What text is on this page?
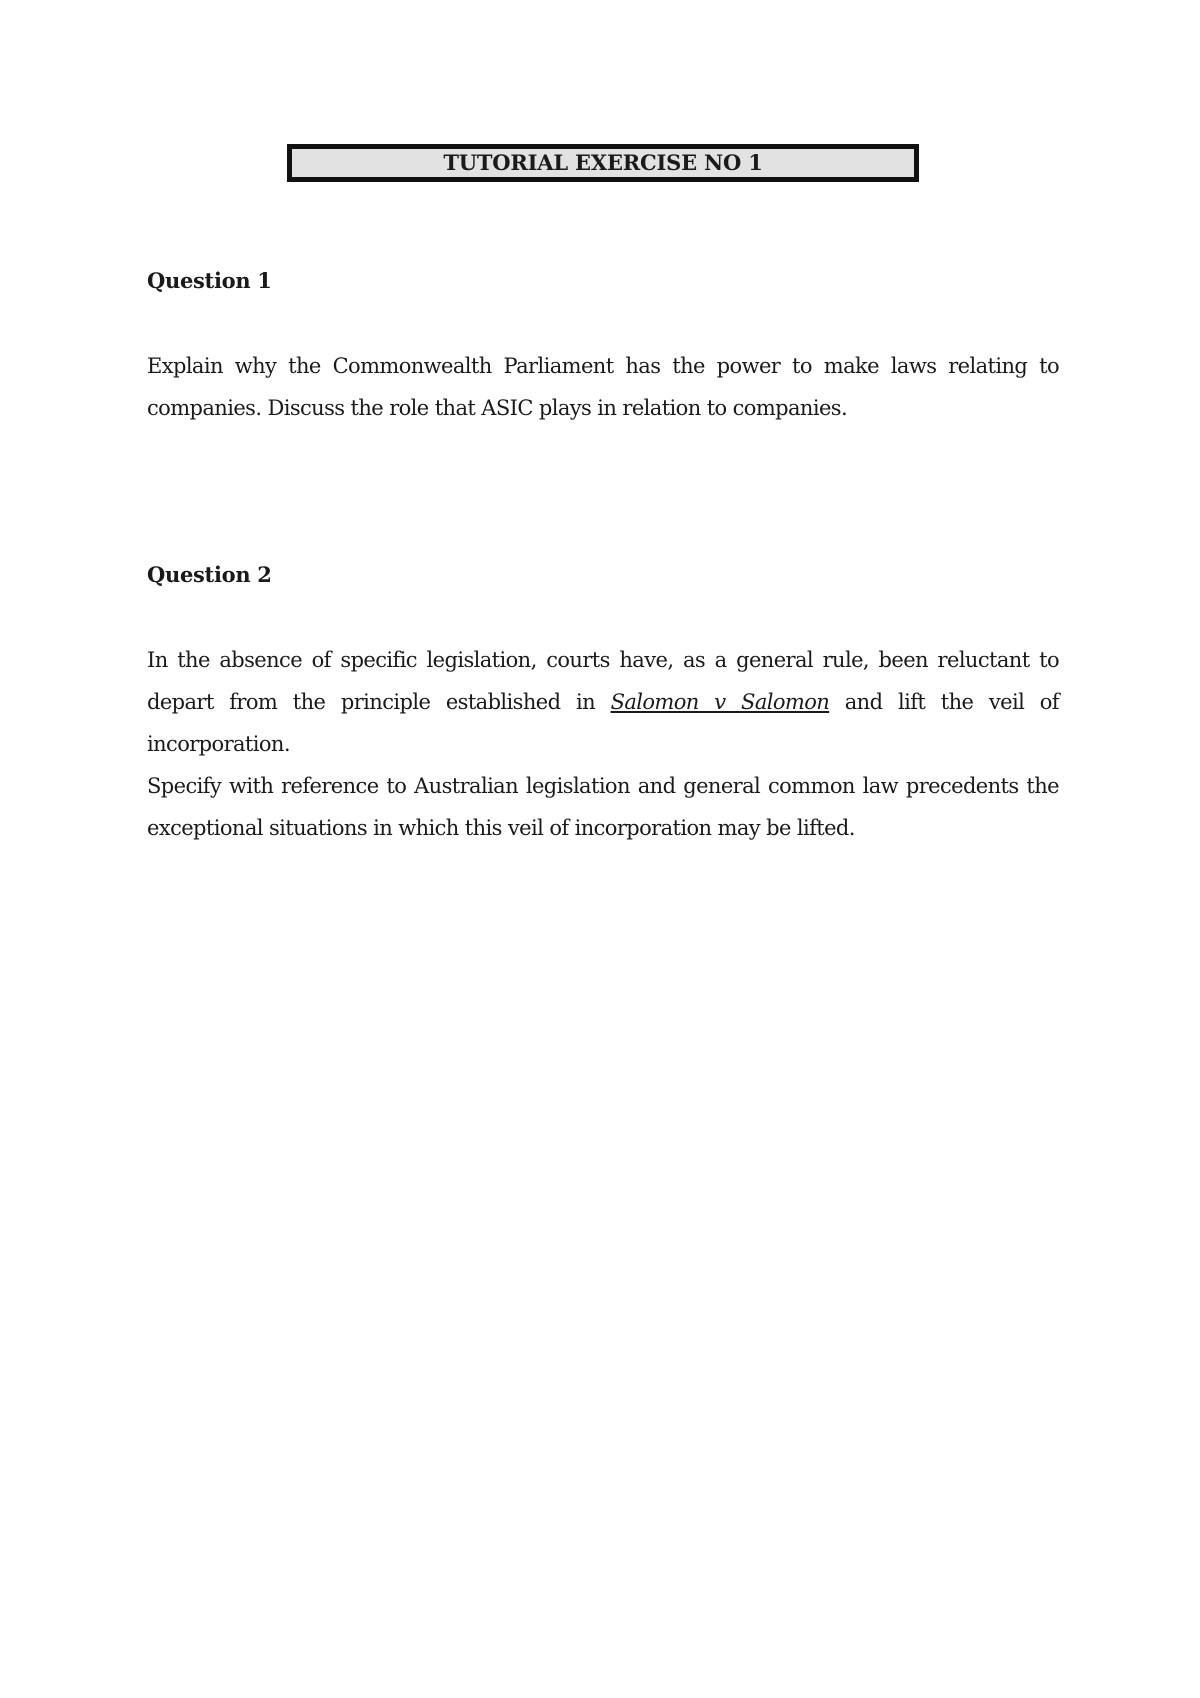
TUTORIAL EXERCISE NO 1
Question 1
Explain why the Commonwealth Parliament has the power to make laws relating to companies. Discuss the role that ASIC plays in relation to companies.
Question 2
In the absence of specific legislation, courts have, as a general rule, been reluctant to depart from the principle established in Salomon v Salomon and lift the veil of incorporation.
Specify with reference to Australian legislation and general common law precedents the exceptional situations in which this veil of incorporation may be lifted.
